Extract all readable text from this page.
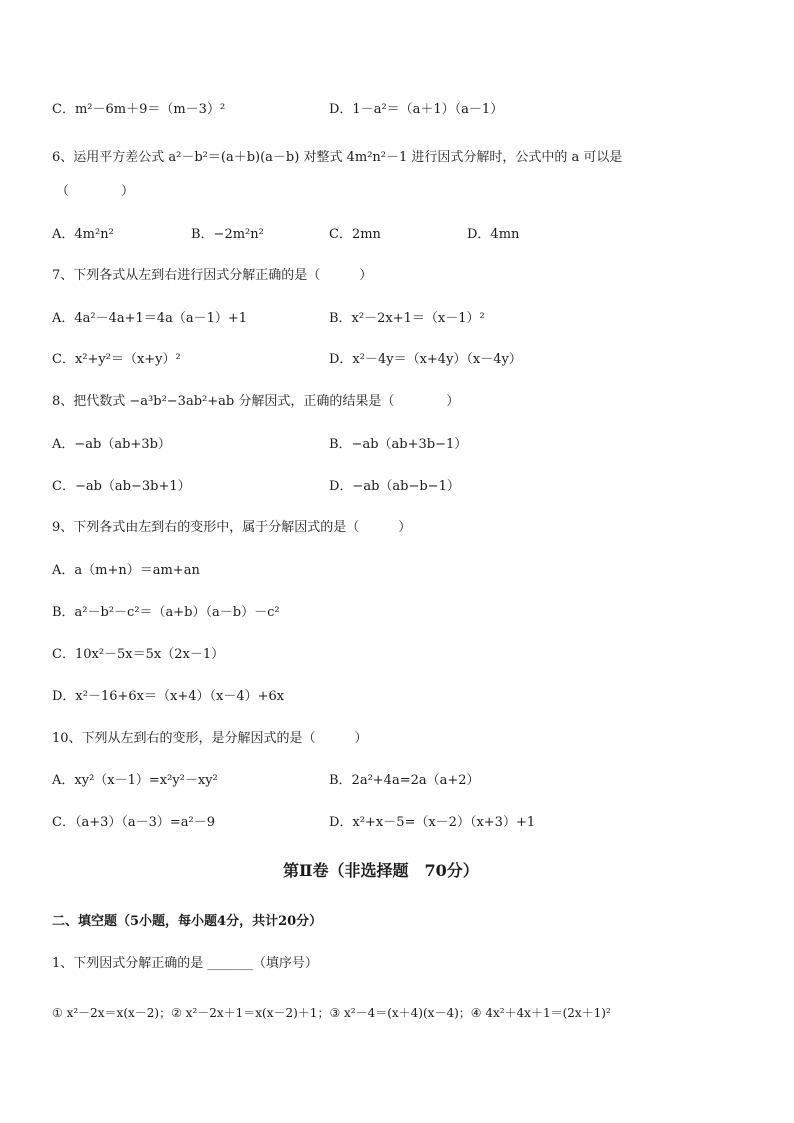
C．m²－6m＋9＝（m－3）²	D．1－a²＝（a＋1）（a－1）
6、运用平方差公式 a²－b²＝(a＋b)(a－b) 对整式 4m²n²－1 进行因式分解时，公式中的 a 可以是
（　　　　）
A．4m²n²	B．−2m²n²	C．2mn	D．4mn
7、下列各式从左到右进行因式分解正确的是（　　　）
A．4a²－4a+1＝4a（a－1）+1	B．x²－2x+1＝（x－1）²
C．x²+y²＝（x+y）²	D．x²－4y＝（x+4y）（x－4y）
8、把代数式 −a³b²−3ab²+ab 分解因式，正确的结果是（　　　　）
A．−ab（ab+3b）	B．−ab（ab+3b−1）
C．−ab（ab−3b+1）	D．−ab（ab−b−1）
9、下列各式由左到右的变形中，属于分解因式的是（　　　）
A．a（m+n）＝am+an
B．a²－b²－c²＝（a+b）（a－b）－c²
C．10x²－5x＝5x（2x－1）
D．x²－16+6x＝（x+4）（x－4）+6x
10、下列从左到右的变形，是分解因式的是（　　　）
A．xy²（x－1）=x²y²－xy²	B．2a²+4a=2a（a+2）
C．（a+3）（a－3）=a²－9	D．x²+x－5=（x－2）（x+3）+1
第Ⅱ卷（非选择题　70分）
二、填空题（5小题，每小题4分，共计20分）
1、下列因式分解正确的是 _______（填序号）
① x²－2x＝x(x－2)；② x²－2x＋1＝x(x－2)＋1；③ x²－4＝(x＋4)(x－4)；④ 4x²＋4x＋1＝(2x＋1)²
